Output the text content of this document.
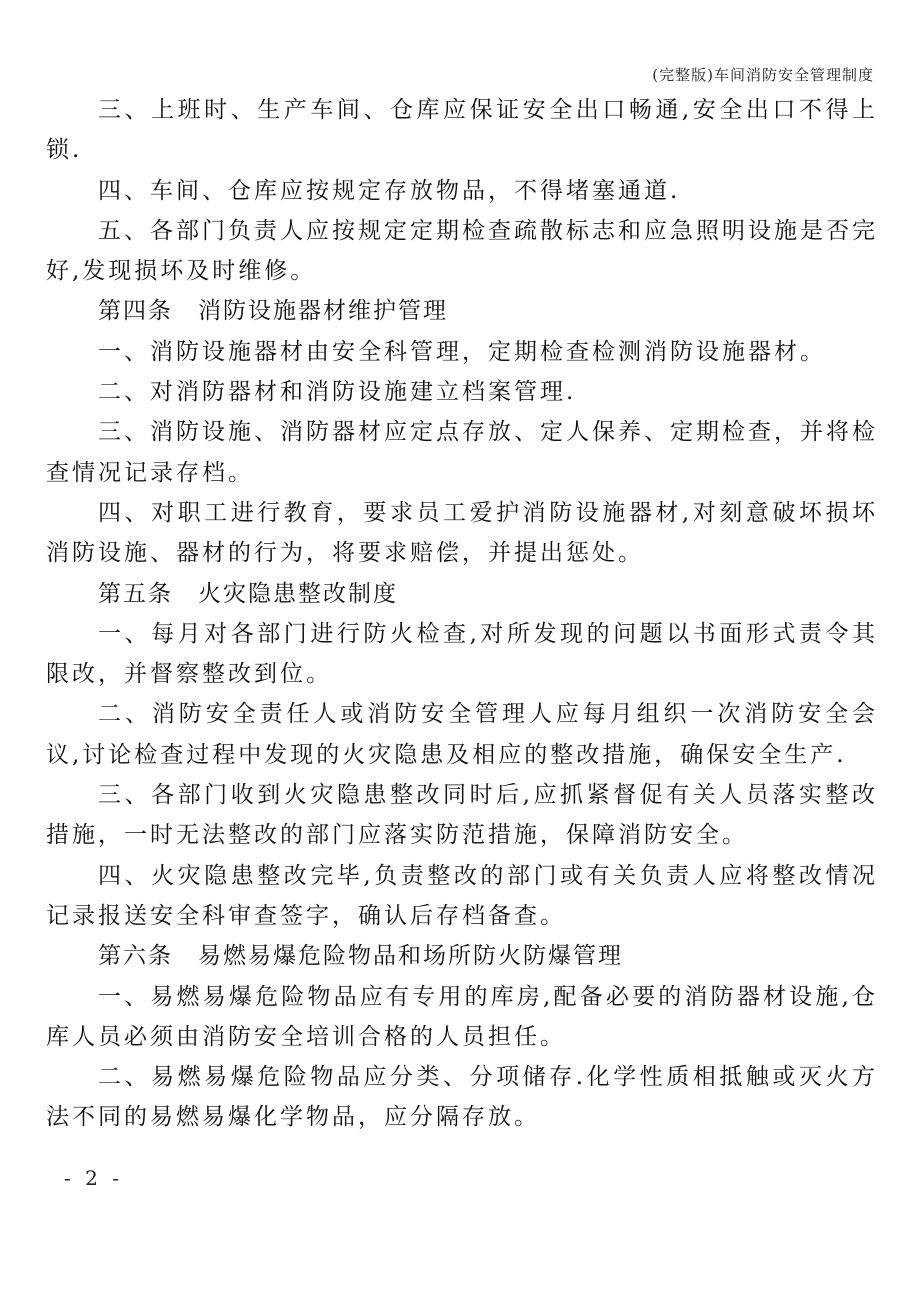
(完整版)车间消防安全管理制度

三、上班时、生产车间、仓库应保证安全出口畅通,安全出口不得上锁.

四、车间、仓库应按规定存放物品，不得堵塞通道.

五、各部门负责人应按规定定期检查疏散标志和应急照明设施是否完好,发现损坏及时维修。

第四条　消防设施器材维护管理

一、消防设施器材由安全科管理，定期检查检测消防设施器材。

二、对消防器材和消防设施建立档案管理.

三、消防设施、消防器材应定点存放、定人保养、定期检查，并将检查情况记录存档。

四、对职工进行教育，要求员工爱护消防设施器材,对刻意破坏损坏消防设施、器材的行为，将要求赔偿，并提出惩处。

第五条　火灾隐患整改制度

一、每月对各部门进行防火检查,对所发现的问题以书面形式责令其限改，并督察整改到位。

二、消防安全责任人或消防安全管理人应每月组织一次消防安全会议,讨论检查过程中发现的火灾隐患及相应的整改措施，确保安全生产.

三、各部门收到火灾隐患整改同时后,应抓紧督促有关人员落实整改措施，一时无法整改的部门应落实防范措施，保障消防安全。

四、火灾隐患整改完毕,负责整改的部门或有关负责人应将整改情况记录报送安全科审查签字，确认后存档备查。

第六条　易燃易爆危险物品和场所防火防爆管理

一、易燃易爆危险物品应有专用的库房,配备必要的消防器材设施,仓库人员必须由消防安全培训合格的人员担任。

二、易燃易爆危险物品应分类、分项储存.化学性质相抵触或灭火方法不同的易燃易爆化学物品，应分隔存放。

- 2 -
